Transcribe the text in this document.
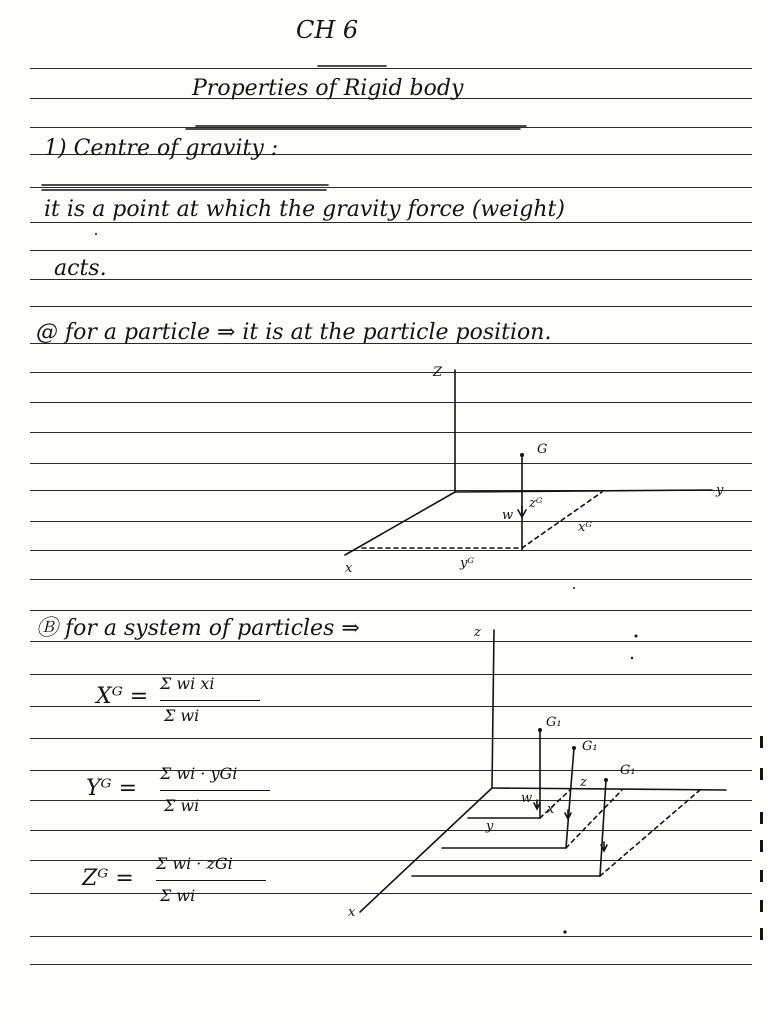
CH 6
Properties of Rigid body
1) Centre of gravity :
it is a point at which the gravity force (weight)
acts.
@ for a particle ⇒ it is at the particle position.
Z
y
x
G
w
zᴳ
xᴳ
yᴳ
Ⓑ for a system of particles ⇒
Xᴳ =
Σ wi xi
Σ wi
Yᴳ =
Σ wi · yGi
Σ wi
Zᴳ =
Σ wi · zGi
Σ wi
z
x
G₁
G₁
G₁
w
z
x
y
